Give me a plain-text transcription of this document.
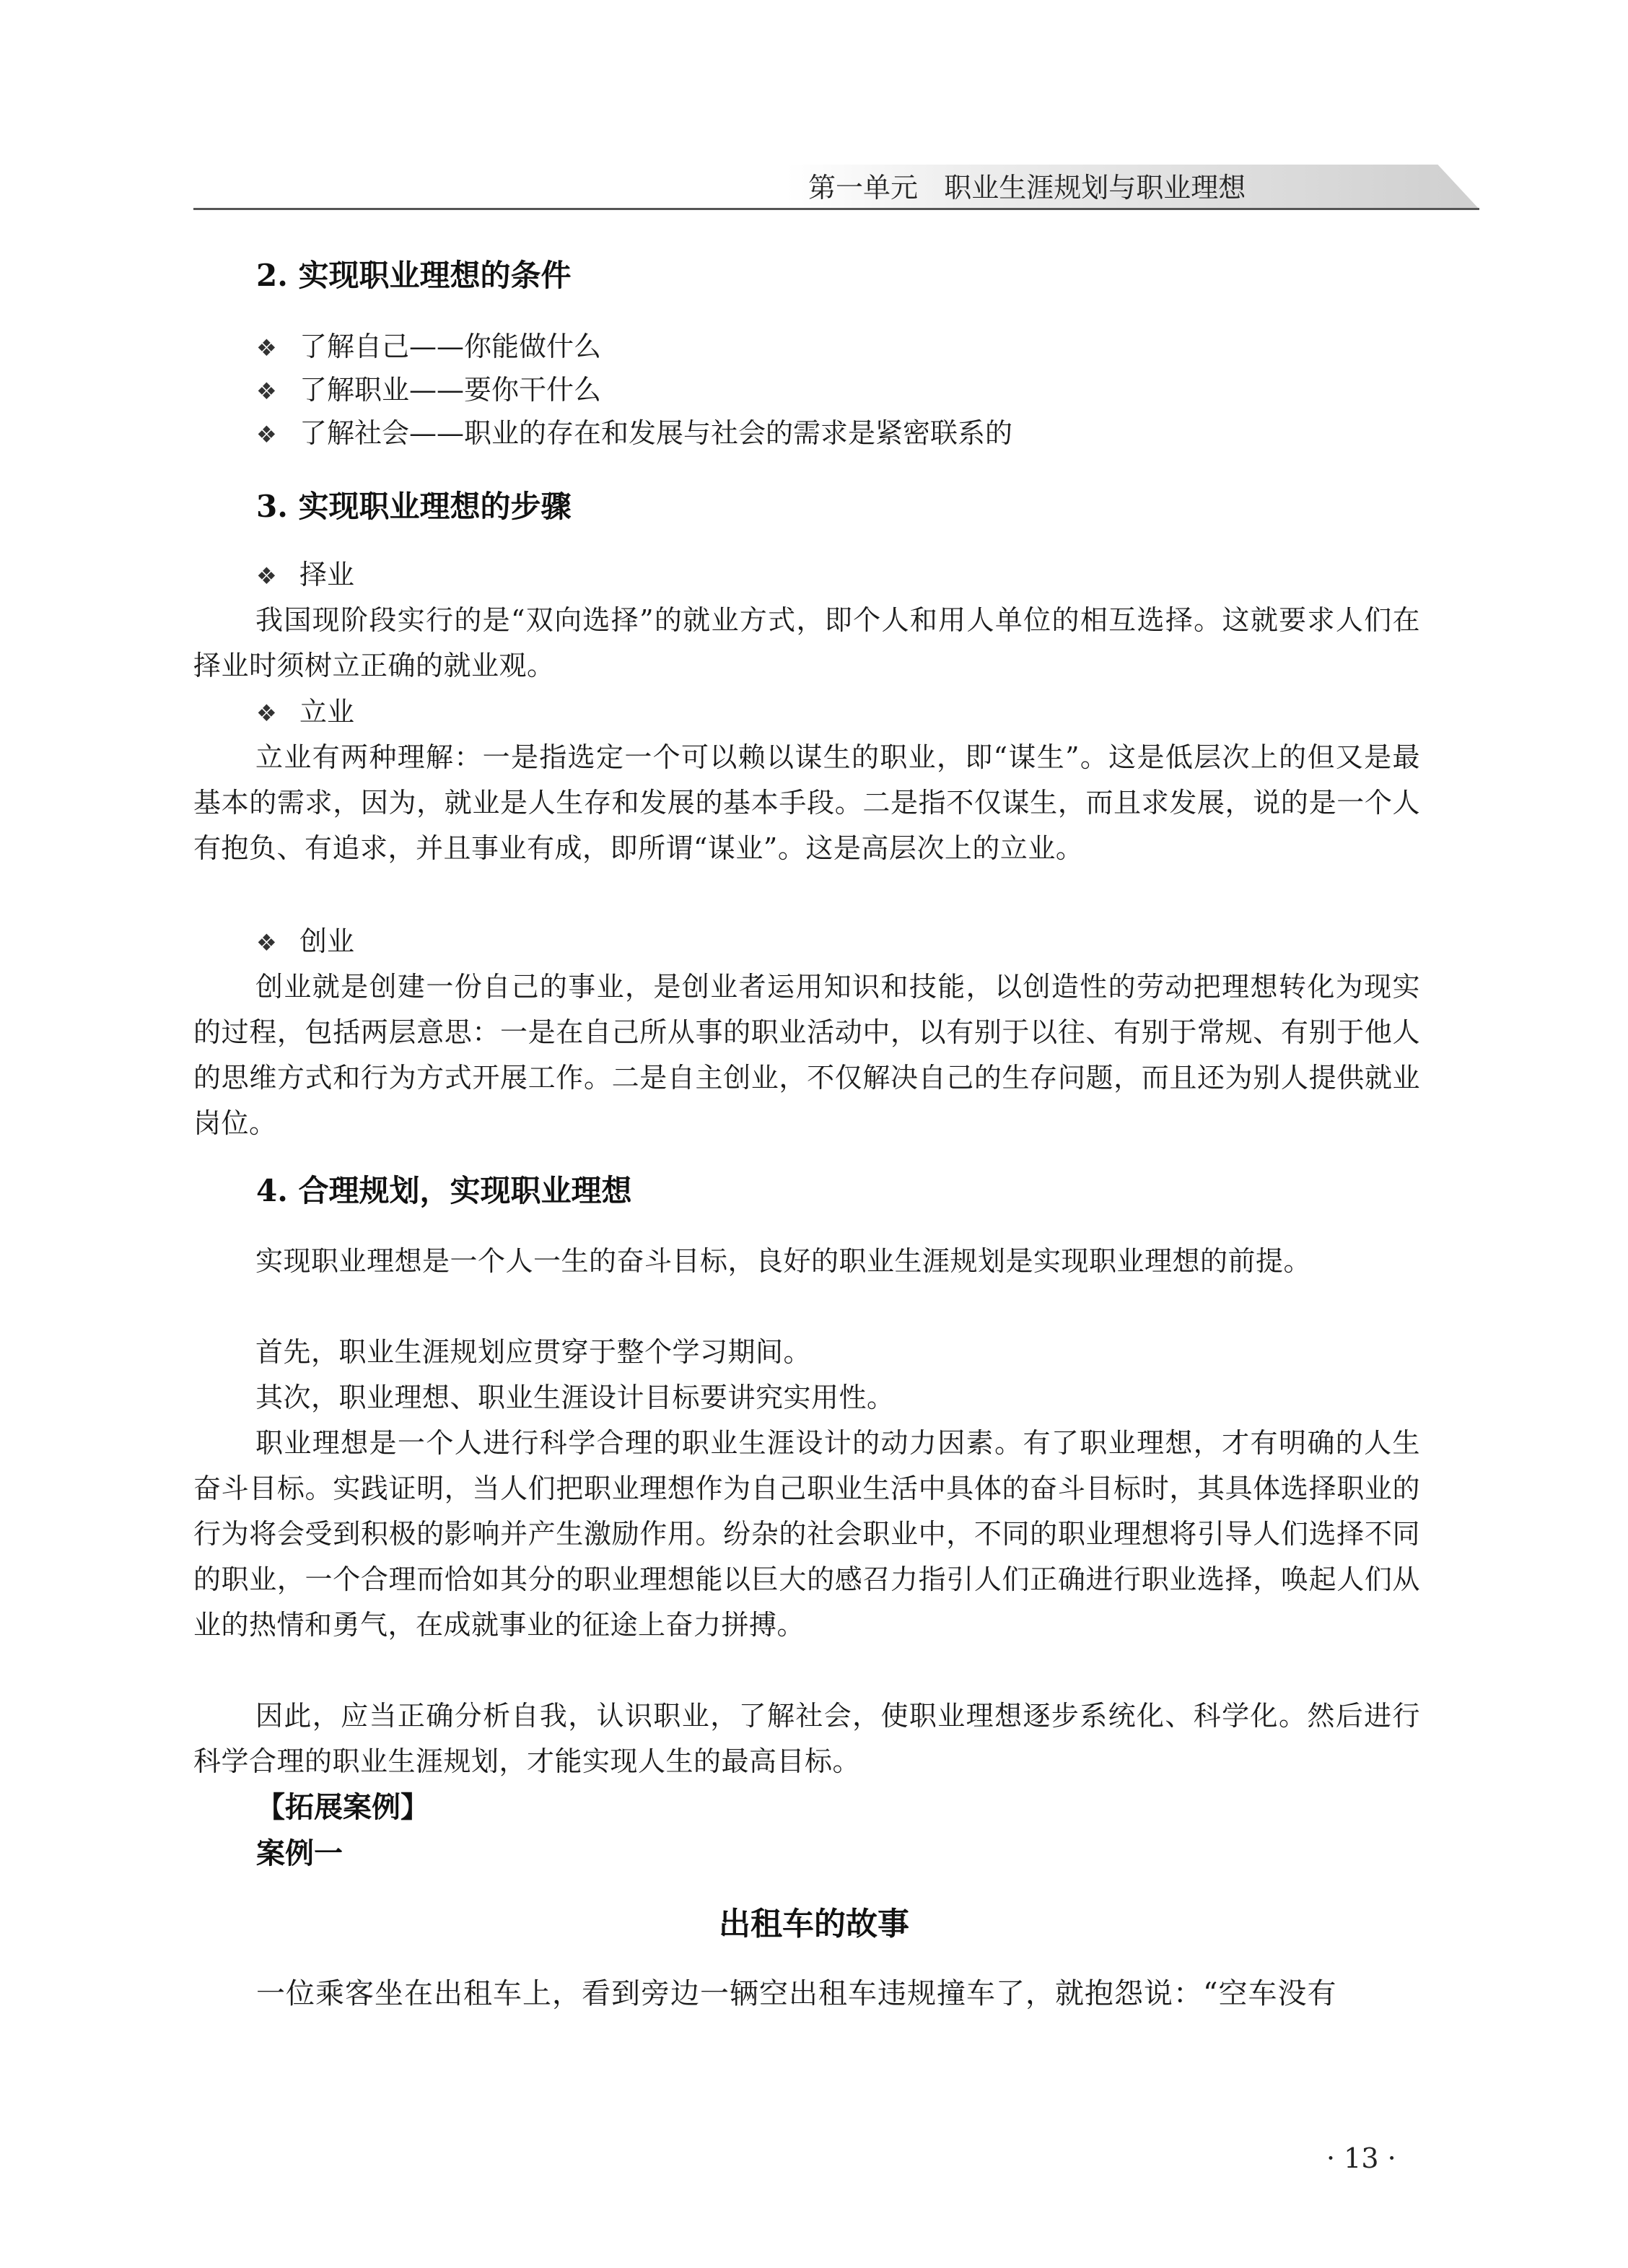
第一单元   职业生涯规划与职业理想
2. 实现职业理想的条件
❖ 了解自己——你能做什么
❖ 了解职业——要你干什么
❖ 了解社会——职业的存在和发展与社会的需求是紧密联系的
3. 实现职业理想的步骤
❖ 择业
我国现阶段实行的是“双向选择”的就业方式，即个人和用人单位的相互选择。这就要求人们在择业时须树立正确的就业观。
❖ 立业
立业有两种理解：一是指选定一个可以赖以谋生的职业，即“谋生”。这是低层次上的但又是最基本的需求，因为，就业是人生存和发展的基本手段。二是指不仅谋生，而且求发展，说的是一个人有抱负、有追求，并且事业有成，即所谓“谋业”。这是高层次上的立业。
❖ 创业
创业就是创建一份自己的事业，是创业者运用知识和技能，以创造性的劳动把理想转化为现实的过程，包括两层意思：一是在自己所从事的职业活动中，以有别于以往、有别于常规、有别于他人的思维方式和行为方式开展工作。二是自主创业，不仅解决自己的生存问题，而且还为别人提供就业岗位。
4. 合理规划，实现职业理想
实现职业理想是一个人一生的奋斗目标，良好的职业生涯规划是实现职业理想的前提。
首先，职业生涯规划应贯穿于整个学习期间。
其次，职业理想、职业生涯设计目标要讲究实用性。
职业理想是一个人进行科学合理的职业生涯设计的动力因素。有了职业理想，才有明确的人生奋斗目标。实践证明，当人们把职业理想作为自己职业生活中具体的奋斗目标时，其具体选择职业的行为将会受到积极的影响并产生激励作用。纷杂的社会职业中，不同的职业理想将引导人们选择不同的职业，一个合理而恰如其分的职业理想能以巨大的感召力指引人们正确进行职业选择，唤起人们从业的热情和勇气，在成就事业的征途上奋力拼搏。
因此，应当正确分析自我，认识职业，了解社会，使职业理想逐步系统化、科学化。然后进行科学合理的职业生涯规划，才能实现人生的最高目标。
【拓展案例】
案例一
出租车的故事
一位乘客坐在出租车上，看到旁边一辆空出租车违规撞车了，就抱怨说：“空车没有
· 13 ·
